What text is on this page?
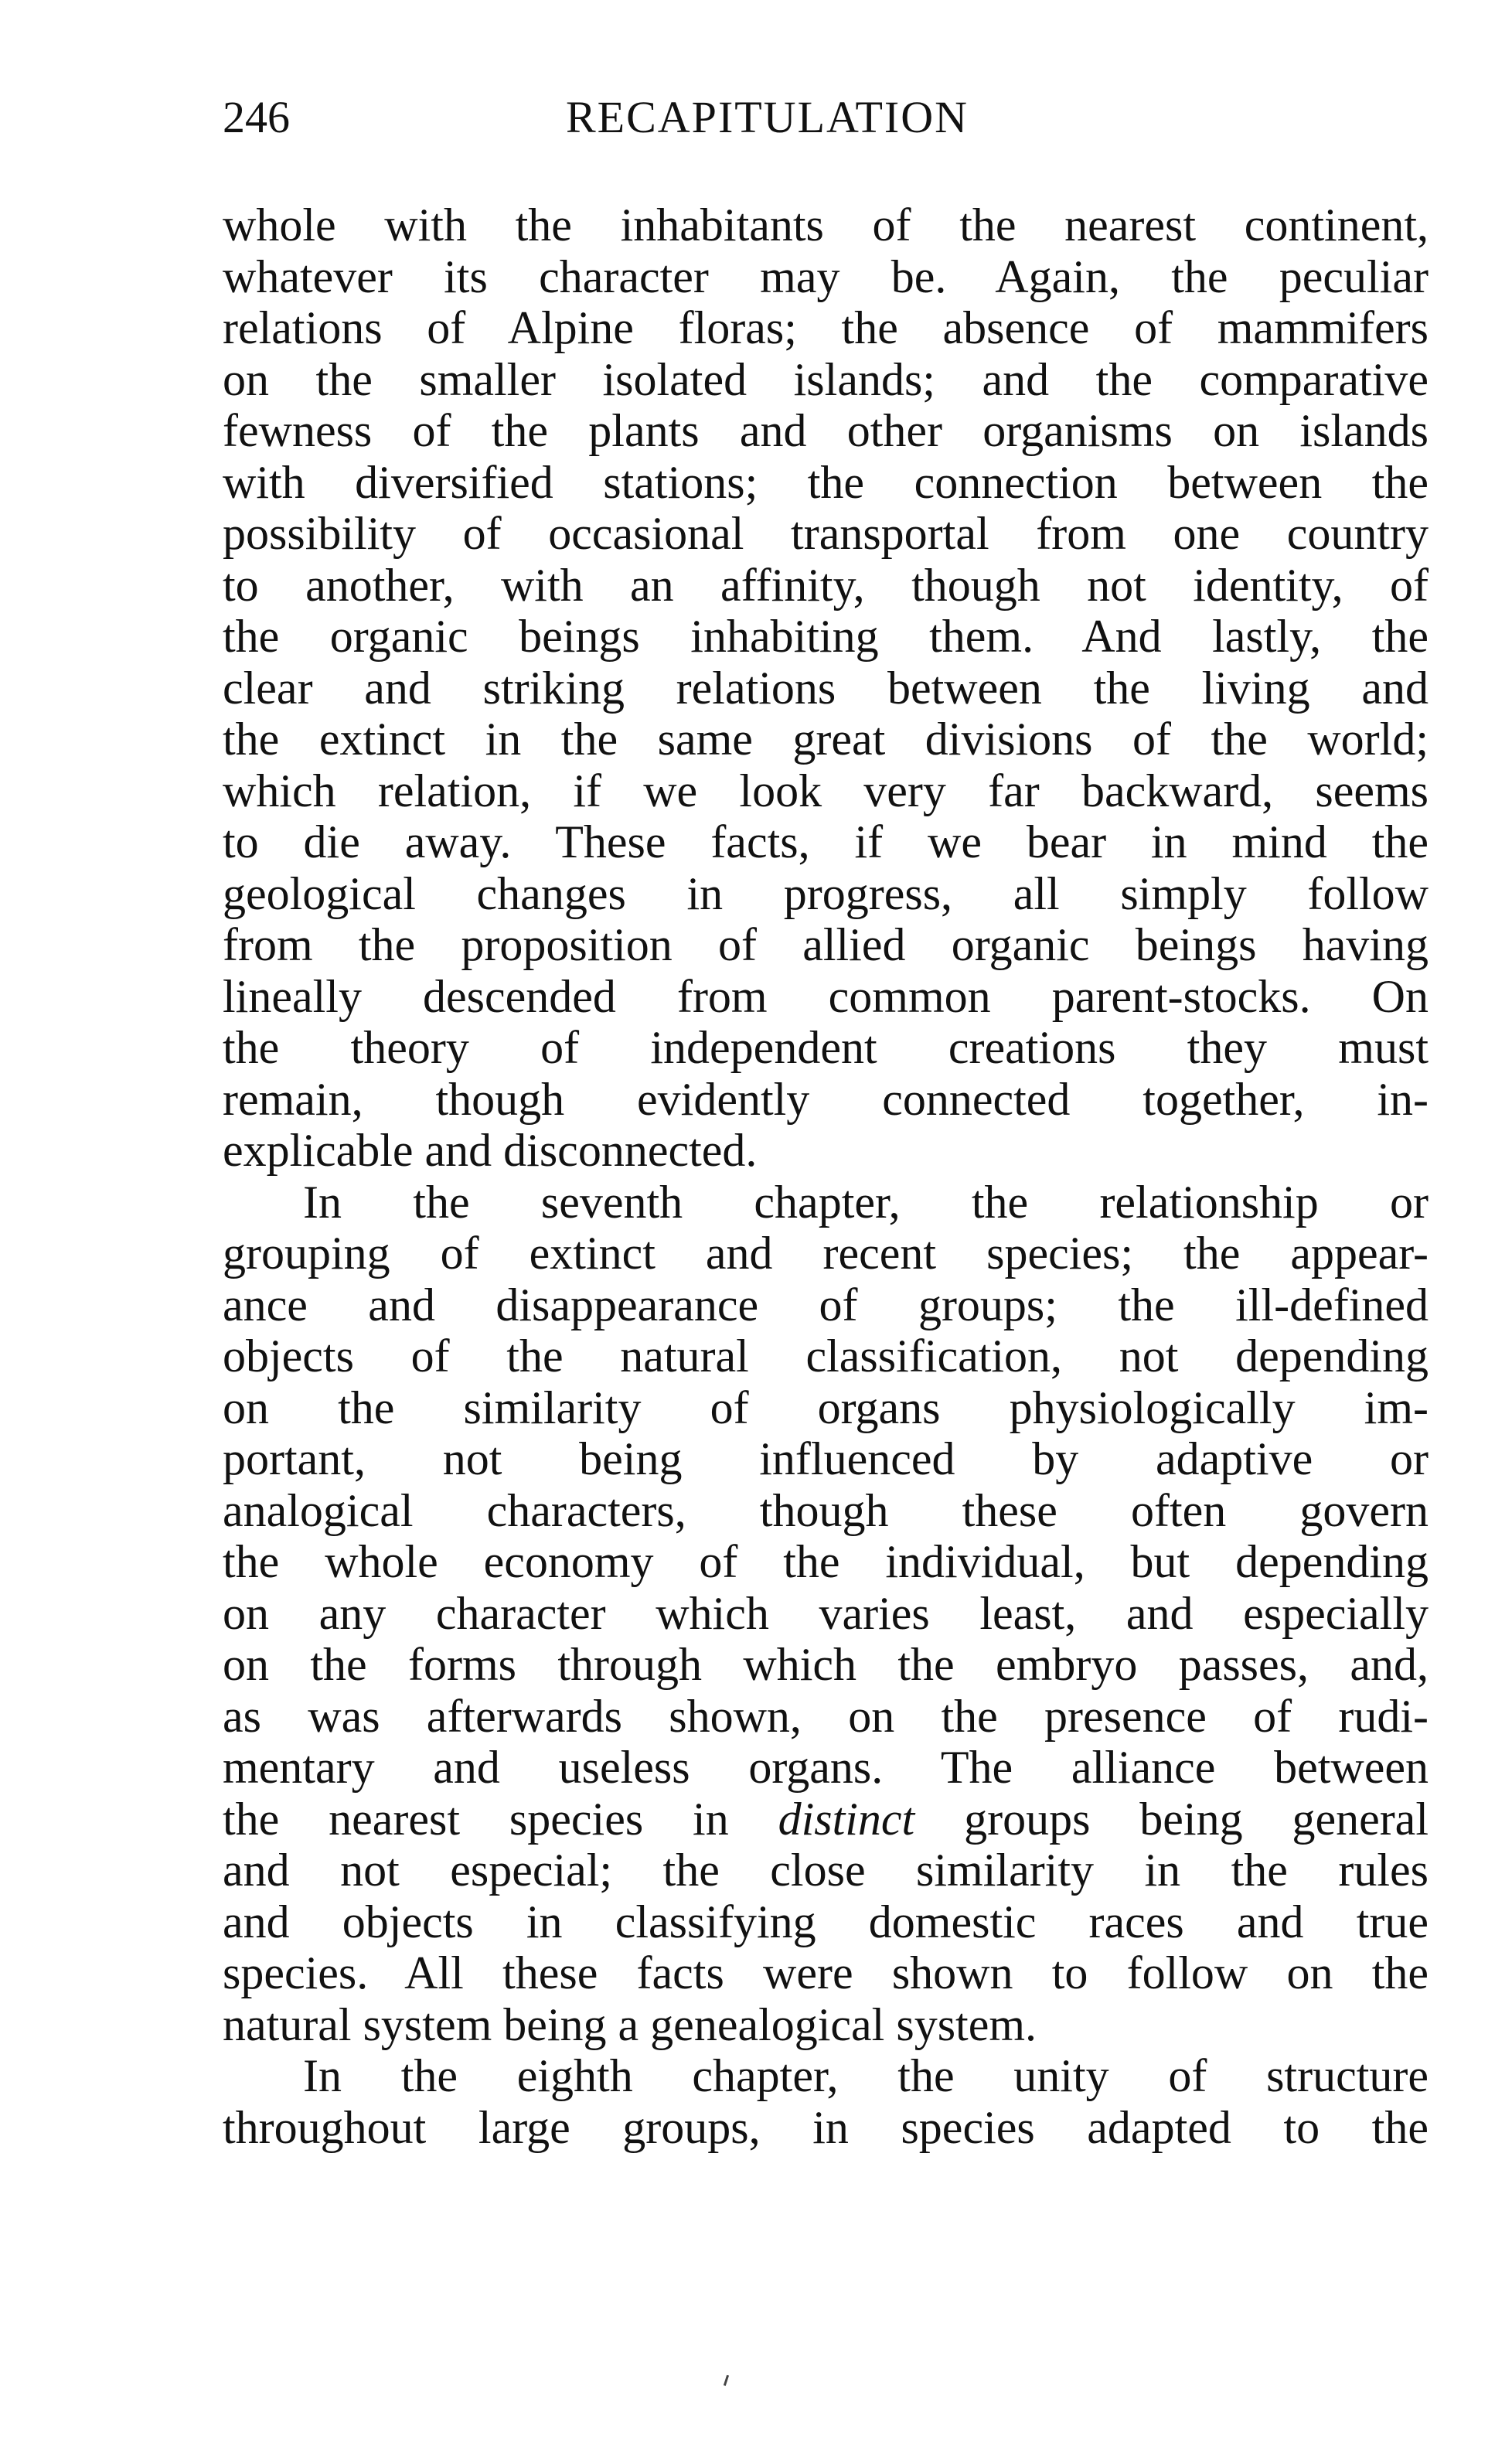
246	RECAPITULATION
whole with the inhabitants of the nearest continent,
whatever its character may be. Again, the peculiar
relations of Alpine floras; the absence of mammifers
on the smaller isolated islands; and the comparative
fewness of the plants and other organisms on islands
with diversified stations; the connection between the
possibility of occasional transportal from one country
to another, with an affinity, though not identity, of
the organic beings inhabiting them. And lastly, the
clear and striking relations between the living and
the extinct in the same great divisions of the world;
which relation, if we look very far backward, seems
to die away. These facts, if we bear in mind the
geological changes in progress, all simply follow
from the proposition of allied organic beings having
lineally descended from common parent-stocks. On
the theory of independent creations they must
remain, though evidently connected together, in-
explicable and disconnected.
In the seventh chapter, the relationship or
grouping of extinct and recent species; the appear-
ance and disappearance of groups; the ill-defined
objects of the natural classification, not depending
on the similarity of organs physiologically im-
portant, not being influenced by adaptive or
analogical characters, though these often govern
the whole economy of the individual, but depending
on any character which varies least, and especially
on the forms through which the embryo passes, and,
as was afterwards shown, on the presence of rudi-
mentary and useless organs. The alliance between
the nearest species in distinct groups being general
and not especial; the close similarity in the rules
and objects in classifying domestic races and true
species. All these facts were shown to follow on the
natural system being a genealogical system.
In the eighth chapter, the unity of structure
throughout large groups, in species adapted to the
